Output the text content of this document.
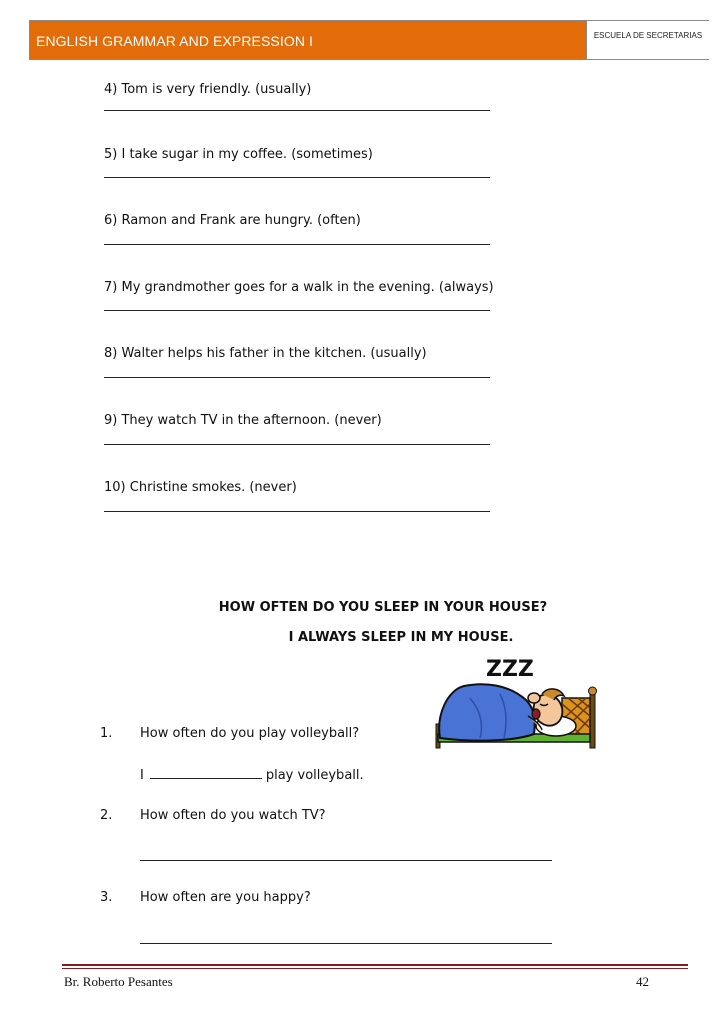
ENGLISH GRAMMAR AND EXPRESSION I	ESCUELA DE SECRETARIAS
4) Tom is very friendly. (usually)
5) I take sugar in my coffee. (sometimes)
6) Ramon and Frank are hungry. (often)
7) My grandmother goes for a walk in the evening. (always)
8) Walter helps his father in the kitchen. (usually)
9) They watch TV in the afternoon. (never)
10) Christine smokes. (never)
HOW OFTEN DO YOU SLEEP IN YOUR HOUSE?
I ALWAYS SLEEP IN MY HOUSE.
ZZZ
1. How often do you play volleyball?
I	play volleyball.
2. How often do you watch TV?
3. How often are you happy?
Br. Roberto Pesantes	42
